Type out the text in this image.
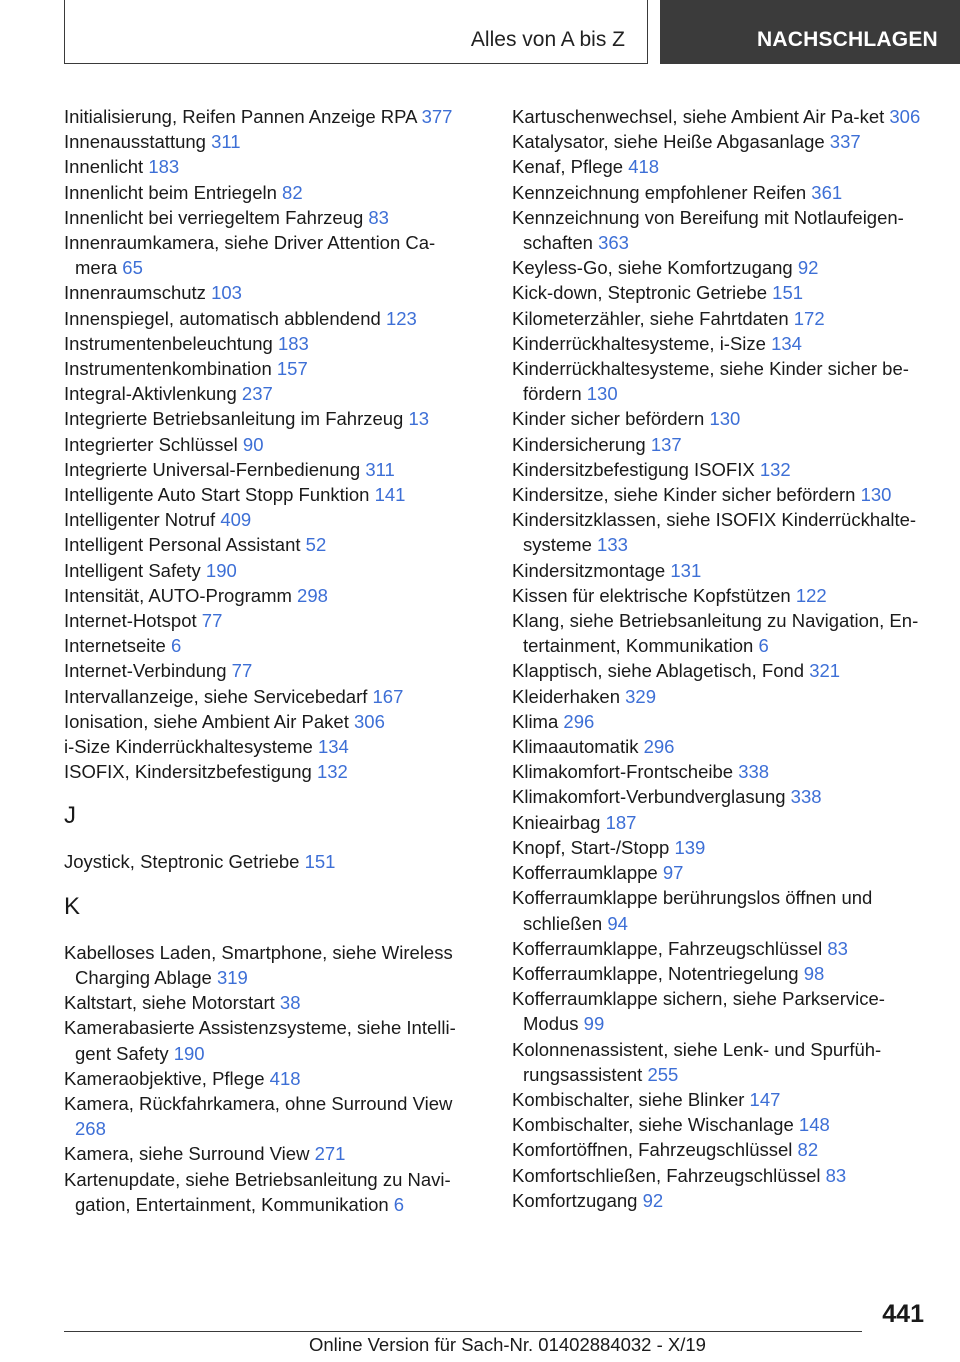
Alles von A bis Z	NACHSCHLAGEN
Initialisierung, Reifen Pannen Anzeige RPA 377
Innenausstattung 311
Innenlicht 183
Innenlicht beim Entriegeln 82
Innenlicht bei verriegeltem Fahrzeug 83
Innenraumkamera, siehe Driver Attention Ca-mera 65
Innenraumschutz 103
Innenspiegel, automatisch abblendend 123
Instrumentenbeleuchtung 183
Instrumentenkombination 157
Integral-Aktivlenkung 237
Integrierte Betriebsanleitung im Fahrzeug 13
Integrierter Schlüssel 90
Integrierte Universal-Fernbedienung 311
Intelligente Auto Start Stopp Funktion 141
Intelligenter Notruf 409
Intelligent Personal Assistant 52
Intelligent Safety 190
Intensität, AUTO-Programm 298
Internet-Hotspot 77
Internetseite 6
Internet-Verbindung 77
Intervallanzeige, siehe Servicebedarf 167
Ionisation, siehe Ambient Air Paket 306
i-Size Kinderrückhaltesysteme 134
ISOFIX, Kindersitzbefestigung 132
J
Joystick, Steptronic Getriebe 151
K
Kabelloses Laden, Smartphone, siehe Wireless Charging Ablage 319
Kaltstart, siehe Motorstart 38
Kamerabasierte Assistenzsysteme, siehe Intelli-gent Safety 190
Kameraobjektive, Pflege 418
Kamera, Rückfahrkamera, ohne Surround View 268
Kamera, siehe Surround View 271
Kartenupdate, siehe Betriebsanleitung zu Navi-gation, Entertainment, Kommunikation 6
Kartuschenwechsel, siehe Ambient Air Pa-ket 306
Katalysator, siehe Heiße Abgasanlage 337
Kenaf, Pflege 418
Kennzeichnung empfohlener Reifen 361
Kennzeichnung von Bereifung mit Notlaufeigen-schaften 363
Keyless-Go, siehe Komfortzugang 92
Kick-down, Steptronic Getriebe 151
Kilometerzähler, siehe Fahrtdaten 172
Kinderrückhaltesysteme, i-Size 134
Kinderrückhaltesysteme, siehe Kinder sicher be-fördern 130
Kinder sicher befördern 130
Kindersicherung 137
Kindersitzbefestigung ISOFIX 132
Kindersitze, siehe Kinder sicher befördern 130
Kindersitzklassen, siehe ISOFIX Kinderrückhalte-systeme 133
Kindersitzmontage 131
Kissen für elektrische Kopfstützen 122
Klang, siehe Betriebsanleitung zu Navigation, En-tertainment, Kommunikation 6
Klapptisch, siehe Ablagetisch, Fond 321
Kleiderhaken 329
Klima 296
Klimaautomatik 296
Klimakomfort-Frontscheibe 338
Klimakomfort-Verbundverglasung 338
Knieairbag 187
Knopf, Start-/Stopp 139
Kofferraumklappe 97
Kofferraumklappe berührungslos öffnen und schließen 94
Kofferraumklappe, Fahrzeugschlüssel 83
Kofferraumklappe, Notentriegelung 98
Kofferraumklappe sichern, siehe Parkservice-Modus 99
Kolonnenassistent, siehe Lenk- und Spurfüh-rungsassistent 255
Kombischalter, siehe Blinker 147
Kombischalter, siehe Wischanlage 148
Komfortöffnen, Fahrzeugschlüssel 82
Komfortschließen, Fahrzeugschlüssel 83
Komfortzugang 92
441
Online Version für Sach-Nr. 01402884032 - X/19
